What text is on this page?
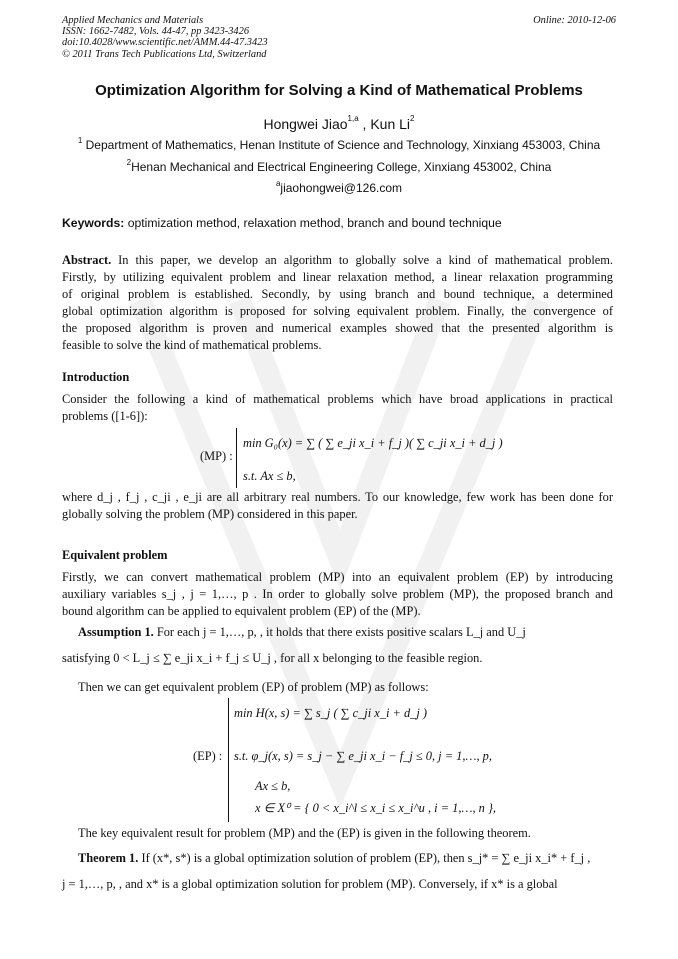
Applied Mechanics and Materials
ISSN: 1662-7482, Vols. 44-47, pp 3423-3426
doi:10.4028/www.scientific.net/AMM.44-47.3423
© 2011 Trans Tech Publications Ltd, Switzerland
Online: 2010-12-06
Optimization Algorithm for Solving a Kind of Mathematical Problems
Hongwei Jiao$^{1,a}$ , Kun Li$^2$
$^1$ Department of Mathematics, Henan Institute of Science and Technology, Xinxiang 453003, China
$^2$Henan Mechanical and Electrical Engineering College, Xinxiang 453002, China
$^a$jiaohongwei@126.com
Keywords: optimization method, relaxation method, branch and bound technique
Abstract. In this paper, we develop an algorithm to globally solve a kind of mathematical problem.
Firstly, by utilizing equivalent problem and linear relaxation method, a linear relaxation programming
of original problem is established. Secondly, by using branch and bound technique, a determined
global optimization algorithm is proposed for solving equivalent problem. Finally, the convergence of
the proposed algorithm is proven and numerical examples showed that the presented algorithm is
feasible to solve the kind of mathematical problems.
Introduction
Consider the following a kind of mathematical problems which have broad applications in practical
problems ([1-6]):
(MP) :
min G₀(x) = ∑ ( ∑ e_ji x_i + f_j )( ∑ c_ji x_i + d_j )
s.t. Ax ≤ b,
where d_j , f_j , c_ji , e_ji are all arbitrary real numbers. To our knowledge, few work has been done for
globally solving the problem (MP) considered in this paper.
Equivalent problem
Firstly, we can convert mathematical problem (MP) into an equivalent problem (EP) by introducing
auxiliary variables s_j , j = 1,…, p . In order to globally solve problem (MP), the proposed branch and
bound algorithm can be applied to equivalent problem (EP) of the (MP).
Assumption 1. For each j = 1,…, p, , it holds that there exists positive scalars L_j and U_j
satisfying 0 < L_j ≤ ∑ e_ji x_i + f_j ≤ U_j , for all x belonging to the feasible region.
Then we can get equivalent problem (EP) of problem (MP) as follows:
(EP) :
min H(x, s) = ∑ s_j ( ∑ c_ji x_i + d_j )
s.t. φ_j(x, s) = s_j − ∑ e_ji x_i − f_j ≤ 0, j = 1,…, p,
Ax ≤ b,
x ∈ X⁰ = { 0 < x_i^l ≤ x_i ≤ x_i^u , i = 1,…, n },
The key equivalent result for problem (MP) and the (EP) is given in the following theorem.
Theorem 1. If (x*, s*) is a global optimization solution of problem (EP), then s_j* = ∑ e_ji x_i* + f_j ,
j = 1,…, p, , and x* is a global optimization solution for problem (MP). Conversely, if x* is a global
